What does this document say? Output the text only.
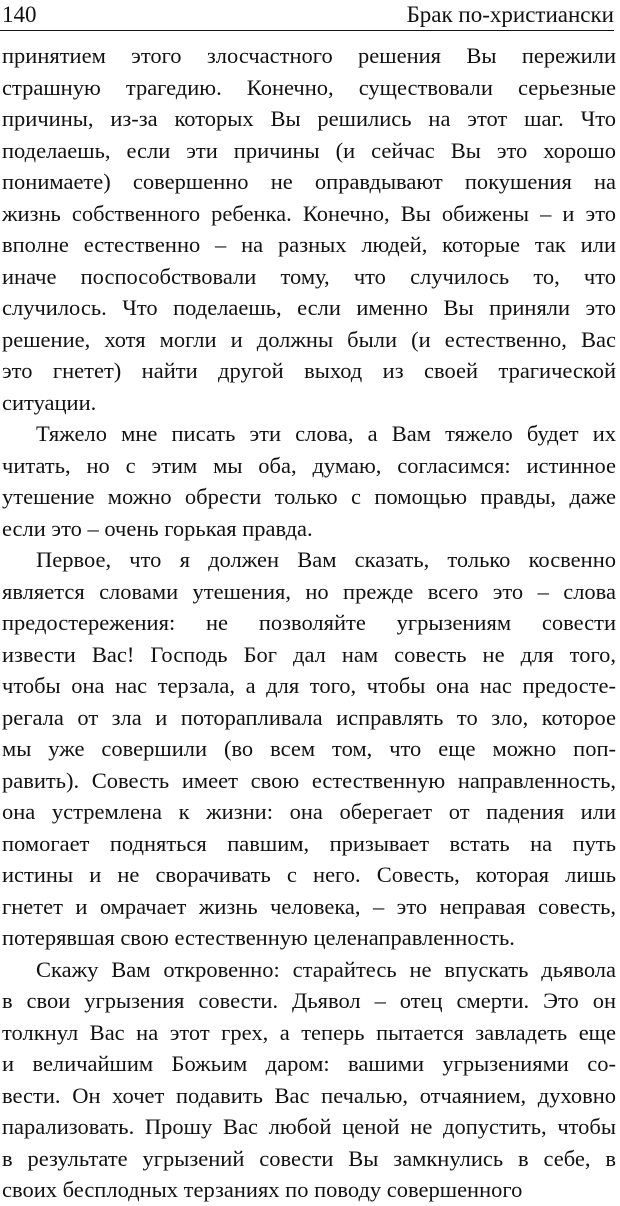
140	Брак по-христиански
принятием этого злосчастного решения Вы пережили
страшную трагедию. Конечно, существовали серьезные
причины, из-за которых Вы решились на этот шаг. Что
поделаешь, если эти причины (и сейчас Вы это хорошо
понимаете) совершенно не оправдывают покушения на
жизнь собственного ребенка. Конечно, Вы обижены – и это
вполне естественно – на разных людей, которые так или
иначе поспособствовали тому, что случилось то, что
случилось. Что поделаешь, если именно Вы приняли это
решение, хотя могли и должны были (и естественно, Вас
это гнетет) найти другой выход из своей трагической
ситуации.
Тяжело мне писать эти слова, а Вам тяжело будет их
читать, но с этим мы оба, думаю, согласимся: истинное
утешение можно обрести только с помощью правды, даже
если это – очень горькая правда.
Первое, что я должен Вам сказать, только косвенно
является словами утешения, но прежде всего это – слова
предостережения: не позволяйте угрызениям совести
извести Вас! Господь Бог дал нам совесть не для того,
чтобы она нас терзала, а для того, чтобы она нас предосте-
регала от зла и поторапливала исправлять то зло, которое
мы уже совершили (во всем том, что еще можно поп-
равить). Совесть имеет свою естественную направленность,
она устремлена к жизни: она оберегает от падения или
помогает подняться павшим, призывает встать на путь
истины и не сворачивать с него. Совесть, которая лишь
гнетет и омрачает жизнь человека, – это неправая совесть,
потерявшая свою естественную целенаправленность.
Скажу Вам откровенно: старайтесь не впускать дьявола
в свои угрызения совести. Дьявол – отец смерти. Это он
толкнул Вас на этот грех, а теперь пытается завладеть еще
и величайшим Божьим даром: вашими угрызениями со-
вести. Он хочет подавить Вас печалью, отчаянием, духовно
парализовать. Прошу Вас любой ценой не допустить, чтобы
в результате угрызений совести Вы замкнулись в себе, в
своих бесплодных терзаниях по поводу совершенного
